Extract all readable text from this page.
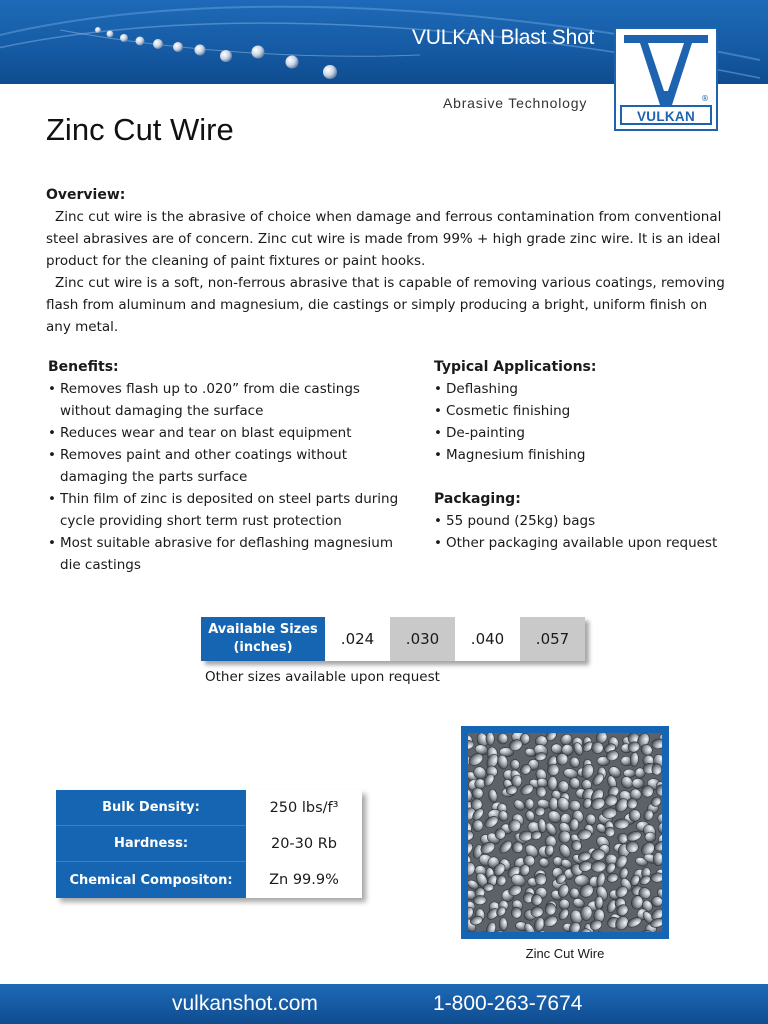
VULKAN Blast Shot
VULKAN
®
Abrasive Technology
Zinc Cut Wire
Overview:

Zinc cut wire is the abrasive of choice when damage and ferrous contamination from conventional steel abrasives are of concern. Zinc cut wire is made from 99% + high grade zinc wire. It is an ideal product for the cleaning of paint fixtures or paint hooks.

Zinc cut wire is a soft, non-ferrous abrasive that is capable of removing various coatings, removing flash from aluminum and magnesium, die castings or simply producing a bright, uniform finish on any metal.

Benefits:
• Removes flash up to .020” from die castings without damaging the surface
• Reduces wear and tear on blast equipment
• Removes paint and other coatings without damaging the parts surface
• Thin film of zinc is deposited on steel parts during cycle providing short term rust protection
• Most suitable abrasive for deflashing magnesium die castings
Typical Applications:
• Deflashing
• Cosmetic finishing
• De-painting
• Magnesium finishing
Packaging:
• 55 pound (25kg) bags
• Other packaging available upon request
Available Sizes
(inches)	.024	.030	.040	.057
Other sizes available upon request
Bulk Density:	250 lbs/f³
Hardness:	20-30 Rb
Chemical Compositon:	Zn 99.9%
Zinc Cut Wire
vulkanshot.com	1-800-263-7674
